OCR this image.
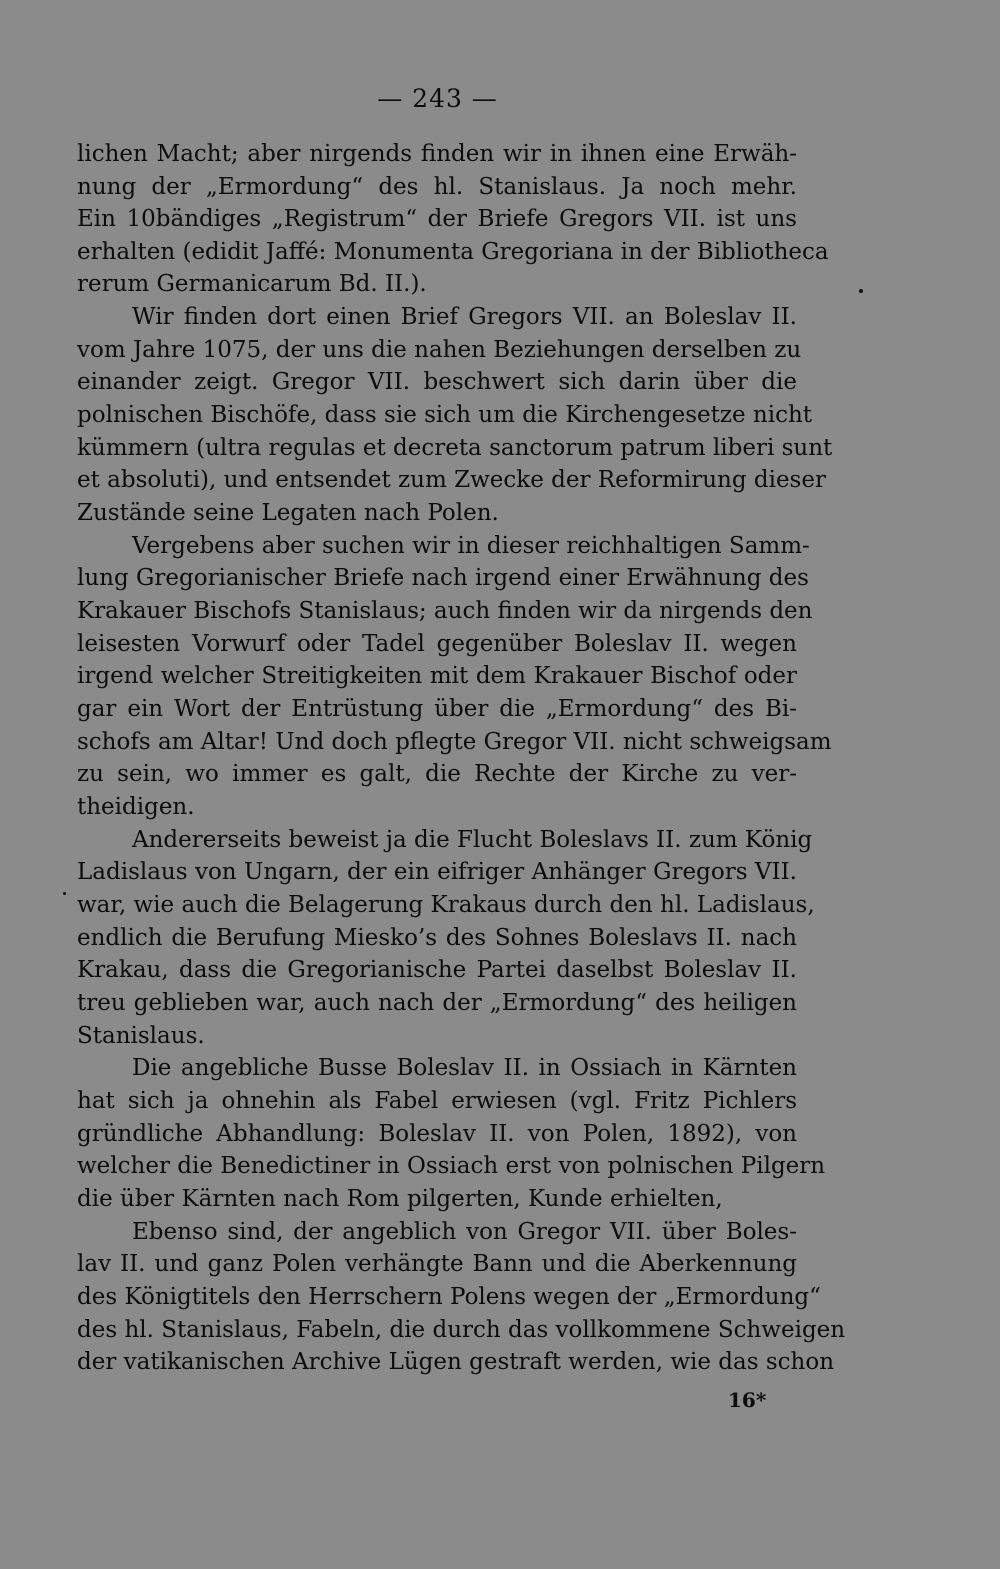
— 243 —
lichen Macht; aber nirgends finden wir in ihnen eine Erwäh-
nung der „Ermordung“ des hl. Stanislaus. Ja noch mehr.
Ein 10bändiges „Registrum“ der Briefe Gregors VII. ist uns
erhalten (edidit Jaffé: Monumenta Gregoriana in der Bibliotheca
rerum Germanicarum Bd. II.).
Wir finden dort einen Brief Gregors VII. an Boleslav II.
vom Jahre 1075, der uns die nahen Beziehungen derselben zu
einander zeigt. Gregor VII. beschwert sich darin über die
polnischen Bischöfe, dass sie sich um die Kirchengesetze nicht
kümmern (ultra regulas et decreta sanctorum patrum liberi sunt
et absoluti), und entsendet zum Zwecke der Reformirung dieser
Zustände seine Legaten nach Polen.
Vergebens aber suchen wir in dieser reichhaltigen Samm-
lung Gregorianischer Briefe nach irgend einer Erwähnung des
Krakauer Bischofs Stanislaus; auch finden wir da nirgends den
leisesten Vorwurf oder Tadel gegenüber Boleslav II. wegen
irgend welcher Streitigkeiten mit dem Krakauer Bischof oder
gar ein Wort der Entrüstung über die „Ermordung“ des Bi-
schofs am Altar! Und doch pflegte Gregor VII. nicht schweigsam
zu sein, wo immer es galt, die Rechte der Kirche zu ver-
theidigen.
Andererseits beweist ja die Flucht Boleslavs II. zum König
Ladislaus von Ungarn, der ein eifriger Anhänger Gregors VII.
war, wie auch die Belagerung Krakaus durch den hl. Ladislaus,
endlich die Berufung Miesko’s des Sohnes Boleslavs II. nach
Krakau, dass die Gregorianische Partei daselbst Boleslav II.
treu geblieben war, auch nach der „Ermordung“ des heiligen
Stanislaus.
Die angebliche Busse Boleslav II. in Ossiach in Kärnten
hat sich ja ohnehin als Fabel erwiesen (vgl. Fritz Pichlers
gründliche Abhandlung: Boleslav II. von Polen, 1892), von
welcher die Benedictiner in Ossiach erst von polnischen Pilgern
die über Kärnten nach Rom pilgerten, Kunde erhielten,
Ebenso sind, der angeblich von Gregor VII. über Boles-
lav II. und ganz Polen verhängte Bann und die Aberkennung
des Königtitels den Herrschern Polens wegen der „Ermordung“
des hl. Stanislaus, Fabeln, die durch das vollkommene Schweigen
der vatikanischen Archive Lügen gestraft werden, wie das schon
16*
